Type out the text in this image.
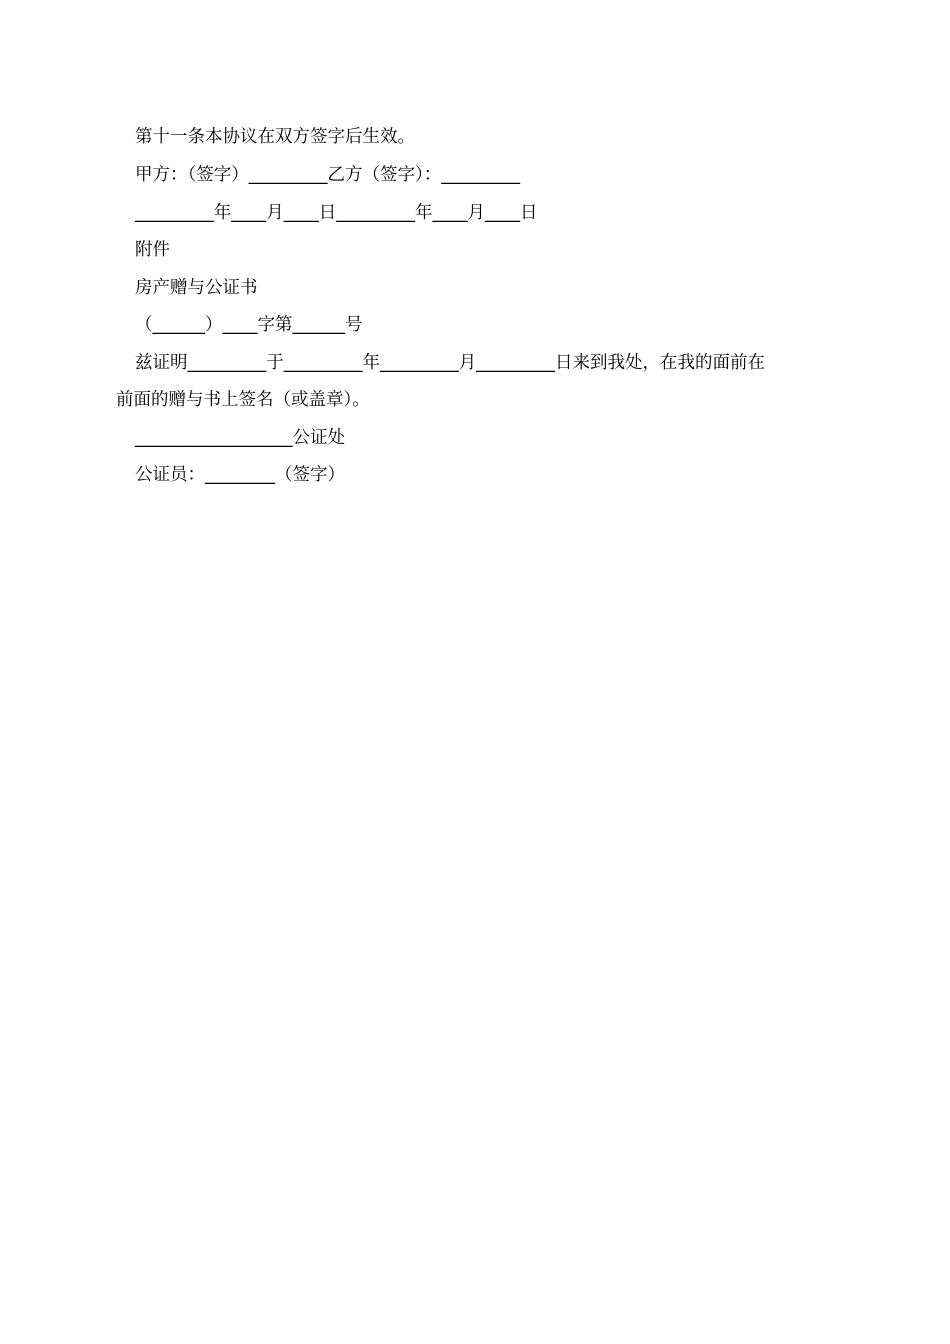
第十一条本协议在双方签字后生效。
甲方：（签字）_________乙方（签字）：_________
_________年____月____日_________年____月____日
附件
房产赠与公证书
（______）____字第______号
兹证明_________于_________年_________月_________日来到我处，在我的面前在
前面的赠与书上签名（或盖章）。
__________________公证处
公证员：________（签字）
